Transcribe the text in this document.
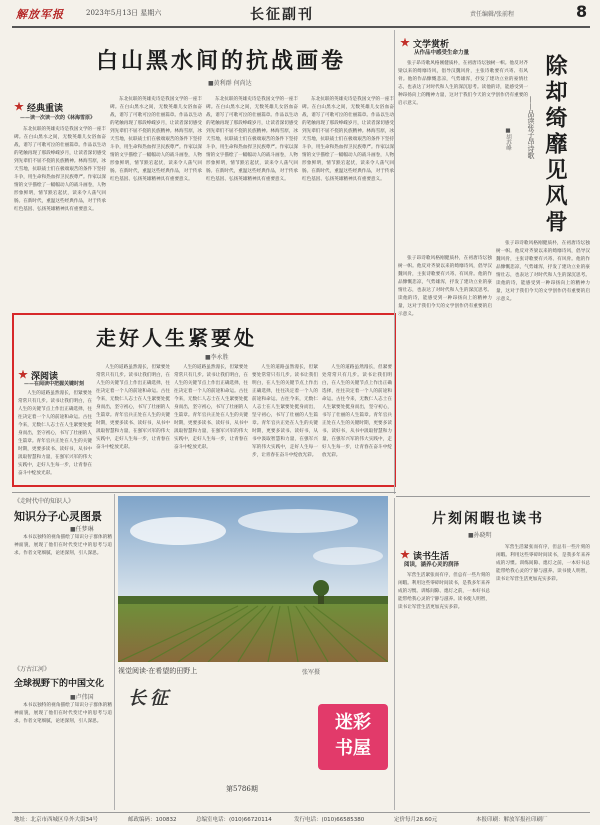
解放军报	2023年5月13日 星期六	长征副刊	责任编辑/张前程	8
白山黑水间的抗战画卷
■黄利群 何尚达
经典重读
——读一次读一次的《林海雪原》

东北抗联的英雄史诗是我国文学的一座丰碑。在白山黑水之间，无数英雄儿女浴血奋战，谱写了可歌可泣的壮丽篇章。作品以生动的笔触再现了那段峥嵘岁月，让读者深切感受到先辈们不屈不挠的民族精神。林海雪原，冰天雪地，抗联战士们在极端艰苦的条件下坚持斗争，用生命和热血捍卫民族尊严。作家以深情的文字描绘了一幅幅动人的战斗画卷，人物形象鲜明，情节跌宕起伏，读来令人荡气回肠。在新时代，重温这些经典作品，对于传承红色基因、弘扬英雄精神具有重要意义。

东北抗联的英雄史诗是我国文学的一座丰碑。在白山黑水之间，无数英雄儿女浴血奋战，谱写了可歌可泣的壮丽篇章。作品以生动的笔触再现了那段峥嵘岁月，让读者深切感受到先辈们不屈不挠的民族精神。林海雪原，冰天雪地，抗联战士们在极端艰苦的条件下坚持斗争，用生命和热血捍卫民族尊严。作家以深情的文字描绘了一幅幅动人的战斗画卷，人物形象鲜明，情节跌宕起伏，读来令人荡气回肠。在新时代，重温这些经典作品，对于传承红色基因、弘扬英雄精神具有重要意义。

东北抗联的英雄史诗是我国文学的一座丰碑。在白山黑水之间，无数英雄儿女浴血奋战，谱写了可歌可泣的壮丽篇章。作品以生动的笔触再现了那段峥嵘岁月，让读者深切感受到先辈们不屈不挠的民族精神。林海雪原，冰天雪地，抗联战士们在极端艰苦的条件下坚持斗争，用生命和热血捍卫民族尊严。作家以深情的文字描绘了一幅幅动人的战斗画卷，人物形象鲜明，情节跌宕起伏，读来令人荡气回肠。在新时代，重温这些经典作品，对于传承红色基因、弘扬英雄精神具有重要意义。

东北抗联的英雄史诗是我国文学的一座丰碑。在白山黑水之间，无数英雄儿女浴血奋战，谱写了可歌可泣的壮丽篇章。作品以生动的笔触再现了那段峥嵘岁月，让读者深切感受到先辈们不屈不挠的民族精神。林海雪原，冰天雪地，抗联战士们在极端艰苦的条件下坚持斗争，用生命和热血捍卫民族尊严。作家以深情的文字描绘了一幅幅动人的战斗画卷，人物形象鲜明，情节跌宕起伏，读来令人荡气回肠。在新时代，重温这些经典作品，对于传承红色基因、弘扬英雄精神具有重要意义。

文学赏析
从作品中感受生命力量

张子昂诗歌风格刚健质朴，在初唐诗坛独树一帜。他反对齐梁以来的绮靡诗风，倡导汉魏风骨，主张诗歌要有兴寄、有风骨。他的作品慷慨悲凉，气势雄浑，抒发了建功立业的豪情壮志，也表达了对时代和人生的深沉思考。读他的诗，能感受到一种昂扬向上的精神力量，这对于我们今天的文学创作仍有重要的启示意义。	除却绮靡见风骨
——品读张子昂诗歌
■胡苏峰

张子昂诗歌风格刚健质朴，在初唐诗坛独树一帜。他反对齐梁以来的绮靡诗风，倡导汉魏风骨，主张诗歌要有兴寄、有风骨。他的作品慷慨悲凉，气势雄浑，抒发了建功立业的豪情壮志，也表达了对时代和人生的深沉思考。读他的诗，能感受到一种昂扬向上的精神力量，这对于我们今天的文学创作仍有重要的启示意义。

张子昂诗歌风格刚健质朴，在初唐诗坛独树一帜。他反对齐梁以来的绮靡诗风，倡导汉魏风骨，主张诗歌要有兴寄、有风骨。他的作品慷慨悲凉，气势雄浑，抒发了建功立业的豪情壮志，也表达了对时代和人生的深沉思考。读他的诗，能感受到一种昂扬向上的精神力量，这对于我们今天的文学创作仍有重要的启示意义。

走好人生紧要处
■李永胜
深阅读
——在阅读中把握关键时刻

人生的道路虽然漫长，但紧要处常常只有几步。读书让我们明白，在人生的关键节点上作出正确选择，往往决定着一个人的前途和命运。古往今来，无数仁人志士在人生紧要处挺身而出，坚守初心，书写了壮丽的人生篇章。青年官兵正处在人生的关键时期，更要多读书、读好书，从书中汲取智慧和力量，在强军兴军的伟大实践中，走好人生每一步，让青春在奋斗中绽放光彩。

人生的道路虽然漫长，但紧要处常常只有几步。读书让我们明白，在人生的关键节点上作出正确选择，往往决定着一个人的前途和命运。古往今来，无数仁人志士在人生紧要处挺身而出，坚守初心，书写了壮丽的人生篇章。青年官兵正处在人生的关键时期，更要多读书、读好书，从书中汲取智慧和力量，在强军兴军的伟大实践中，走好人生每一步，让青春在奋斗中绽放光彩。

人生的道路虽然漫长，但紧要处常常只有几步。读书让我们明白，在人生的关键节点上作出正确选择，往往决定着一个人的前途和命运。古往今来，无数仁人志士在人生紧要处挺身而出，坚守初心，书写了壮丽的人生篇章。青年官兵正处在人生的关键时期，更要多读书、读好书，从书中汲取智慧和力量，在强军兴军的伟大实践中，走好人生每一步，让青春在奋斗中绽放光彩。

人生的道路虽然漫长，但紧要处常常只有几步。读书让我们明白，在人生的关键节点上作出正确选择，往往决定着一个人的前途和命运。古往今来，无数仁人志士在人生紧要处挺身而出，坚守初心，书写了壮丽的人生篇章。青年官兵正处在人生的关键时期，更要多读书、读好书，从书中汲取智慧和力量，在强军兴军的伟大实践中，走好人生每一步，让青春在奋斗中绽放光彩。

人生的道路虽然漫长，但紧要处常常只有几步。读书让我们明白，在人生的关键节点上作出正确选择，往往决定着一个人的前途和命运。古往今来，无数仁人志士在人生紧要处挺身而出，坚守初心，书写了壮丽的人生篇章。青年官兵正处在人生的关键时期，更要多读书、读好书，从书中汲取智慧和力量，在强军兴军的伟大实践中，走好人生每一步，让青春在奋斗中绽放光彩。

片刻闲暇也读书
■孙晓明
读书生活
阅读，涵养心灵的润泽

军营生活紧张而有序，但总有一些片刻的闲暇。利用这些零碎时间读书，是我多年来养成的习惯。训练间隙、熄灯之前，一本好书总能带给我心灵的宁静与滋养。读书使人明智，读书让军营生活更加充实多彩。

军营生活紧张而有序，但总有一些片刻的闲暇。利用这些零碎时间读书，是我多年来养成的习惯。训练间隙、熄灯之前，一本好书总能带给我心灵的宁静与滋养。读书使人明智，读书让军营生活更加充实多彩。

《走时代中的知识人》
知识分子心灵图景
■任梦琳

本书以独特的视角描绘了知识分子群体的精神面貌，展现了他们在时代变迁中的思考与追求。作者文笔细腻，论述深刻，引人深思。

《万古江河》
全球视野下的中国文化
■卢伟国

本书以独特的视角描绘了知识分子群体的精神面貌，展现了他们在时代变迁中的思考与追求。作者文笔细腻，论述深刻，引人深思。

视觉阅读·在希望的田野上	张军摄
长征
第5786期
迷彩
书屋
地址：北京市西城区阜外大街34号	邮政编码：100832	总编室电话：(010)66720114	发行电话：(010)66585380	定价每月28.60元	本报印刷：解放军报社印刷厂
